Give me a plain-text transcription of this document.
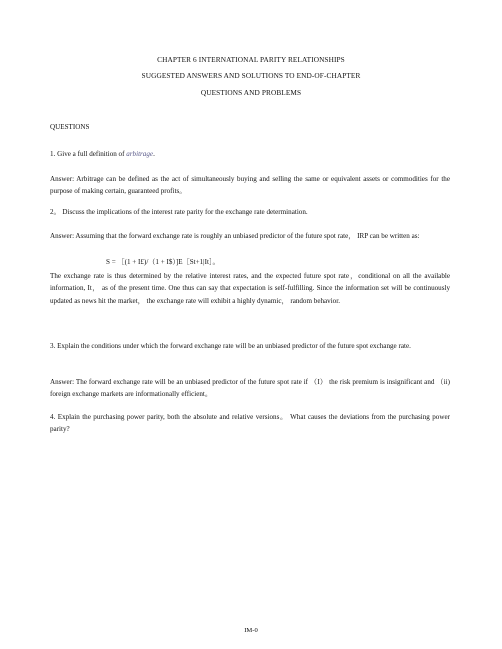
CHAPTER 6 INTERNATIONAL PARITY RELATIONSHIPS
SUGGESTED ANSWERS AND SOLUTIONS TO END-OF-CHAPTER
QUESTIONS AND PROBLEMS
QUESTIONS
1. Give a full definition of arbitrage.
Answer: Arbitrage can be defined as the act of simultaneously buying and selling the same or equivalent assets or commodities for the purpose of making certain, guaranteed profits。
2。 Discuss the implications of the interest rate parity for the exchange rate determination.
Answer: Assuming that the forward exchange rate is roughly an unbiased predictor of the future spot rate， IRP can be written as:
S = ［(1 + I£)/（1 + I$）]E［St+1|It］。
The exchange rate is thus determined by the relative interest rates, and the expected future spot rate，conditional on all the available information, It， as of the present time. One thus can say that expectation is self-fulfilling. Since the information set will be continuously updated as news hit the market， the exchange rate will exhibit a highly dynamic， random behavior.
3. Explain the conditions under which the forward exchange rate will be an unbiased predictor of the future spot exchange rate.
Answer: The forward exchange rate will be an unbiased predictor of the future spot rate if （I） the risk premium is insignificant and （ii) foreign exchange markets are informationally efficient。
4. Explain the purchasing power parity, both the absolute and relative versions。 What causes the deviations from the purchasing power parity?
IM-0
